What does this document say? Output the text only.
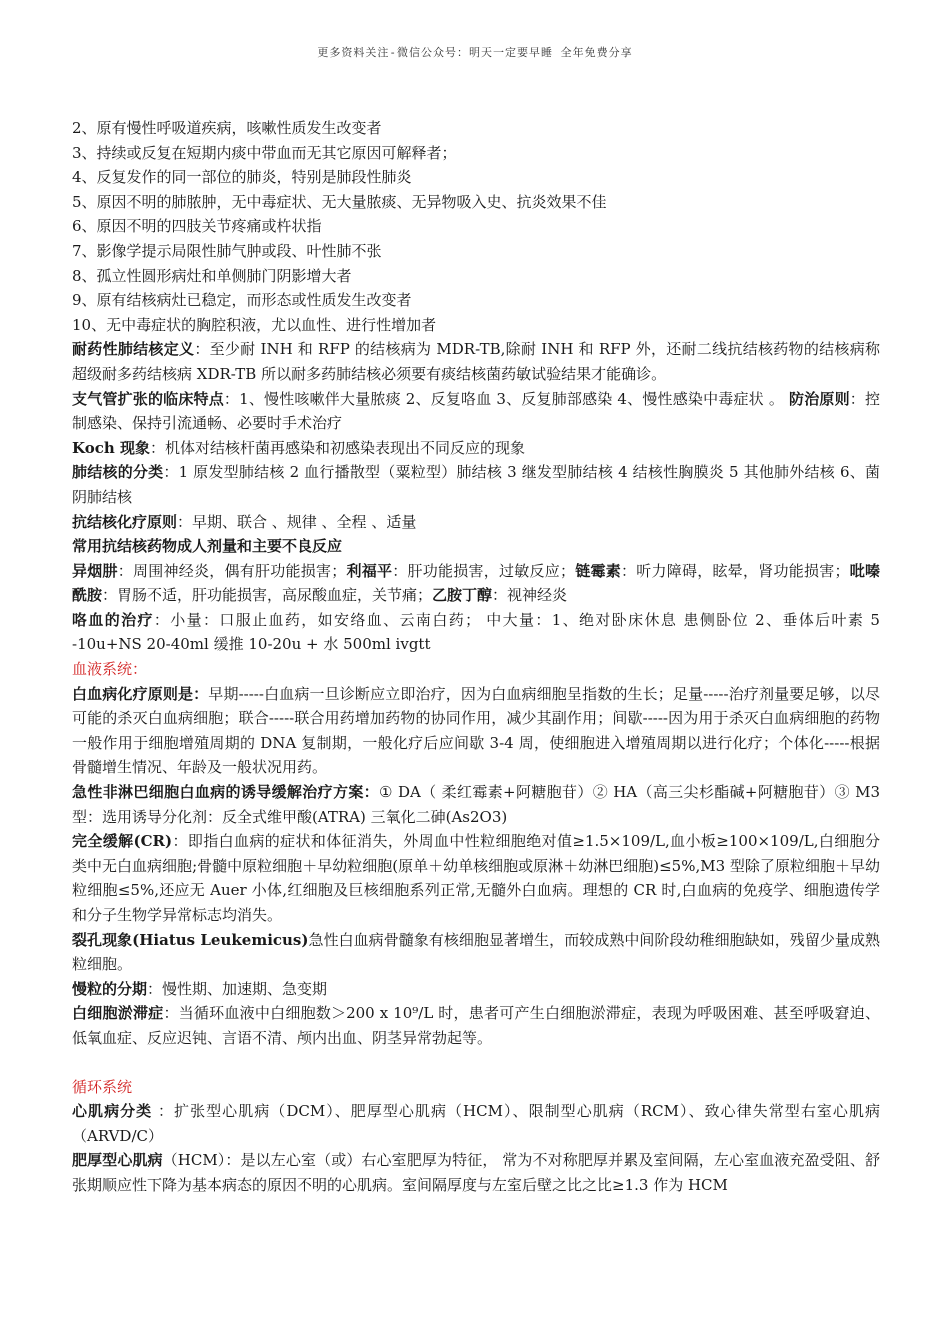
更多资料关注-微信公众号：明天一定要早睡 全年免费分享

2、原有慢性呼吸道疾病，咳嗽性质发生改变者

3、持续或反复在短期内痰中带血而无其它原因可解释者；

4、反复发作的同一部位的肺炎，特别是肺段性肺炎

5、原因不明的肺脓肿，无中毒症状、无大量脓痰、无异物吸入史、抗炎效果不佳

6、原因不明的四肢关节疼痛或杵状指

7、影像学提示局限性肺气肿或段、叶性肺不张

8、孤立性圆形病灶和单侧肺门阴影增大者

9、原有结核病灶已稳定，而形态或性质发生改变者

10、无中毒症状的胸腔积液，尤以血性、进行性增加者

耐药性肺结核定义：至少耐 INH 和 RFP 的结核病为 MDR-TB,除耐 INH 和 RFP 外，还耐二线抗结核药物的结核病称超级耐多药结核病 XDR-TB 所以耐多药肺结核必须要有痰结核菌药敏试验结果才能确诊。

支气管扩张的临床特点：1、慢性咳嗽伴大量脓痰 2、反复咯血 3、反复肺部感染 4、慢性感染中毒症状 。 防治原则：控制感染、保持引流通畅、必要时手术治疗

Koch 现象：机体对结核杆菌再感染和初感染表现出不同反应的现象

肺结核的分类：1 原发型肺结核 2 血行播散型（粟粒型）肺结核 3 继发型肺结核 4 结核性胸膜炎 5 其他肺外结核 6、菌阴肺结核

抗结核化疗原则：早期、联合 、规律 、全程 、适量

常用抗结核药物成人剂量和主要不良反应

异烟肼：周围神经炎，偶有肝功能损害；利福平：肝功能损害，过敏反应；链霉素：听力障碍，眩晕，肾功能损害；吡嗪酰胺：胃肠不适，肝功能损害，高尿酸血症，关节痛；乙胺丁醇：视神经炎

咯血的治疗：小量：口服止血药，如安络血、云南白药； 中大量：1、绝对卧床休息 患侧卧位 2、垂体后叶素 5 -10u+NS 20-40ml 缓推 10-20u + 水 500ml ivgtt

血液系统：

白血病化疗原则是：早期-----白血病一旦诊断应立即治疗，因为白血病细胞呈指数的生长；足量-----治疗剂量要足够，以尽可能的杀灭白血病细胞；联合-----联合用药增加药物的协同作用，减少其副作用；间歇-----因为用于杀灭白血病细胞的药物一般作用于细胞增殖周期的 DNA 复制期，一般化疗后应间歇 3-4 周，使细胞进入增殖周期以进行化疗；个体化-----根据骨髓增生情况、年龄及一般状况用药。

急性非淋巴细胞白血病的诱导缓解治疗方案：① DA（ 柔红霉素+阿糖胞苷）② HA（高三尖杉酯碱+阿糖胞苷）③ M3 型：选用诱导分化剂：反全式维甲酸(ATRA) 三氧化二砷(As2O3)

完全缓解(CR)：即指白血病的症状和体征消失，外周血中性粒细胞绝对值≥1.5×109/L,血小板≥100×109/L,白细胞分类中无白血病细胞;骨髓中原粒细胞＋早幼粒细胞(原单＋幼单核细胞或原淋＋幼淋巴细胞)≤5%,M3 型除了原粒细胞＋早幼粒细胞≤5%,还应无 Auer 小体,红细胞及巨核细胞系列正常,无髓外白血病。理想的 CR 时,白血病的免疫学、细胞遗传学和分子生物学异常标志均消失。

裂孔现象(Hiatus Leukemicus)急性白血病骨髓象有核细胞显著增生，而较成熟中间阶段幼稚细胞缺如，残留少量成熟粒细胞。

慢粒的分期：慢性期、加速期、急变期

白细胞淤滞症：当循环血液中白细胞数＞200 x 10⁹/L 时，患者可产生白细胞淤滞症，表现为呼吸困难、甚至呼吸窘迫、低氧血症、反应迟钝、言语不清、颅内出血、阴茎异常勃起等。

循环系统

心肌病分类 ：扩张型心肌病（DCM）、肥厚型心肌病（HCM）、限制型心肌病（RCM）、致心律失常型右室心肌病（ARVD/C）

肥厚型心肌病（HCM）：是以左心室（或）右心室肥厚为特征， 常为不对称肥厚并累及室间隔，左心室血液充盈受阻、舒张期顺应性下降为基本病态的原因不明的心肌病。室间隔厚度与左室后壁之比之比≥1.3 作为 HCM
